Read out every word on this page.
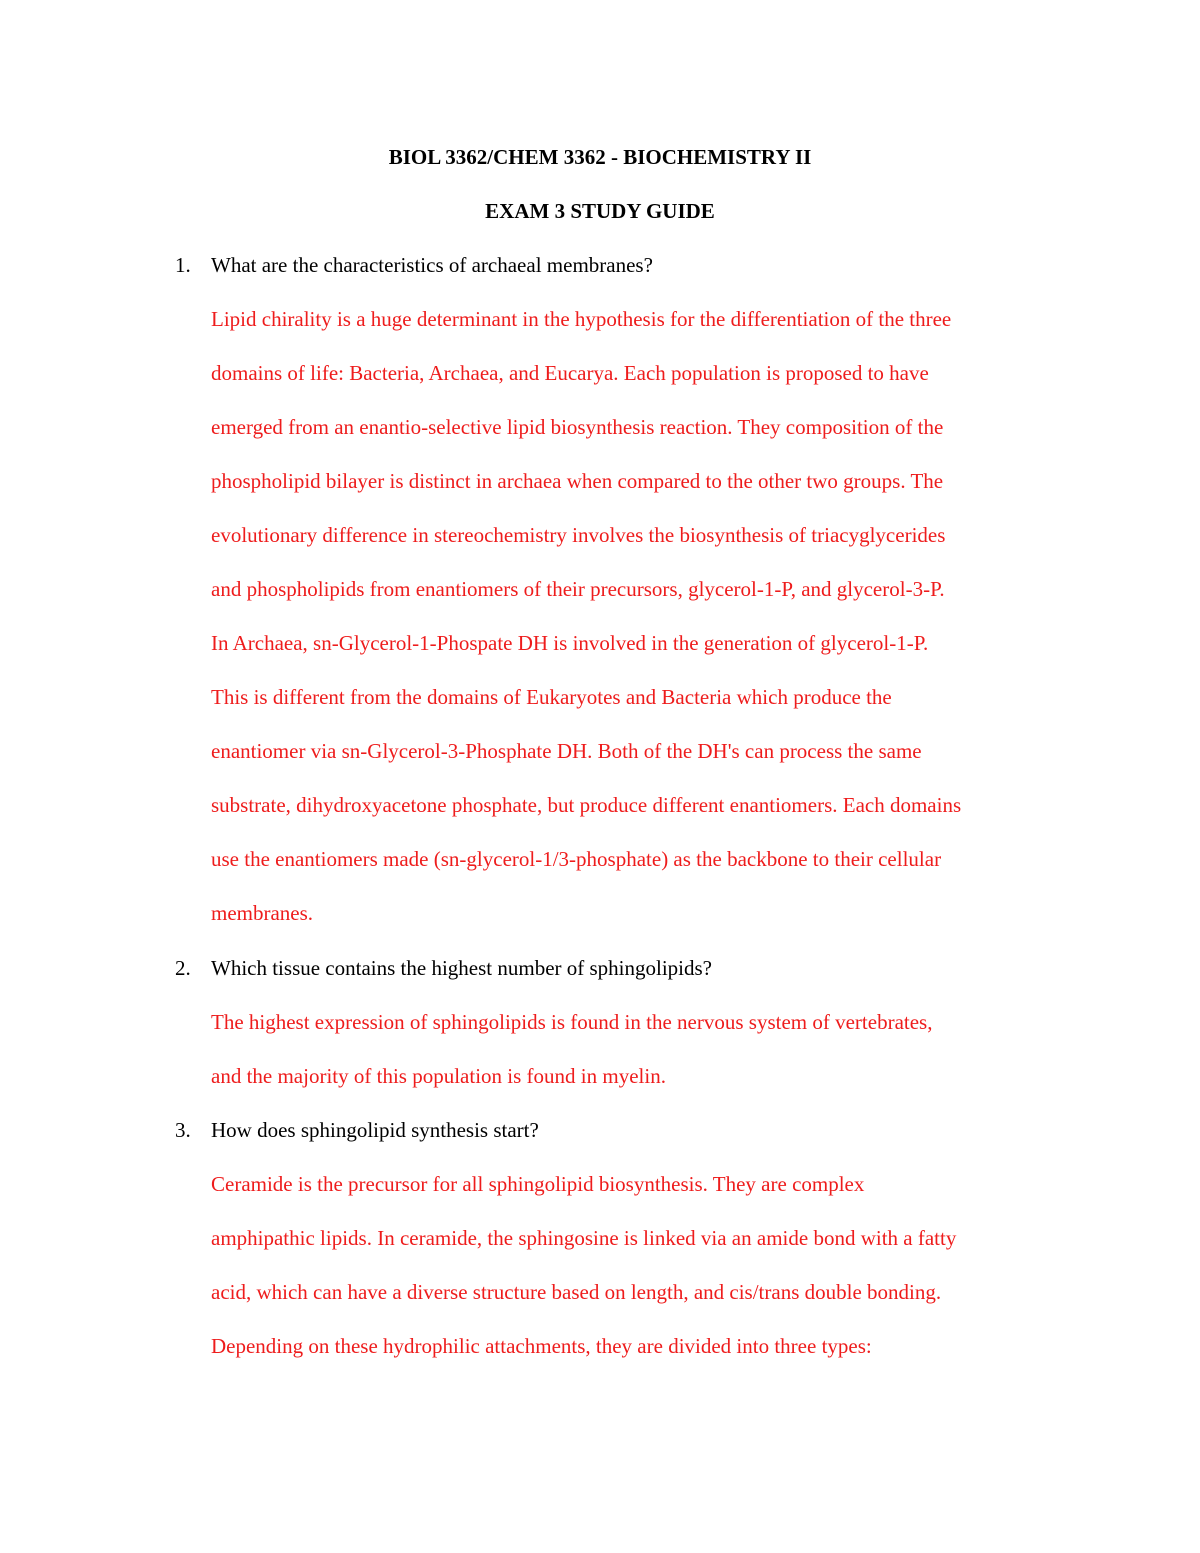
BIOL 3362/CHEM 3362 - BIOCHEMISTRY II
EXAM 3 STUDY GUIDE
1. What are the characteristics of archaeal membranes?
Lipid chirality is a huge determinant in the hypothesis for the differentiation of the three
domains of life: Bacteria, Archaea, and Eucarya. Each population is proposed to have
emerged from an enantio-selective lipid biosynthesis reaction. They composition of the
phospholipid bilayer is distinct in archaea when compared to the other two groups. The
evolutionary difference in stereochemistry involves the biosynthesis of triacyglycerides
and phospholipids from enantiomers of their precursors, glycerol-1-P, and glycerol-3-P.
In Archaea, sn-Glycerol-1-Phospate DH is involved in the generation of glycerol-1-P.
This is different from the domains of Eukaryotes and Bacteria which produce the
enantiomer via sn-Glycerol-3-Phosphate DH. Both of the DH's can process the same
substrate, dihydroxyacetone phosphate, but produce different enantiomers. Each domains
use the enantiomers made (sn-glycerol-1/3-phosphate) as the backbone to their cellular
membranes.
2. Which tissue contains the highest number of sphingolipids?
The highest expression of sphingolipids is found in the nervous system of vertebrates,
and the majority of this population is found in myelin.
3. How does sphingolipid synthesis start?
Ceramide is the precursor for all sphingolipid biosynthesis. They are complex
amphipathic lipids. In ceramide, the sphingosine is linked via an amide bond with a fatty
acid, which can have a diverse structure based on length, and cis/trans double bonding.
Depending on these hydrophilic attachments, they are divided into three types:
